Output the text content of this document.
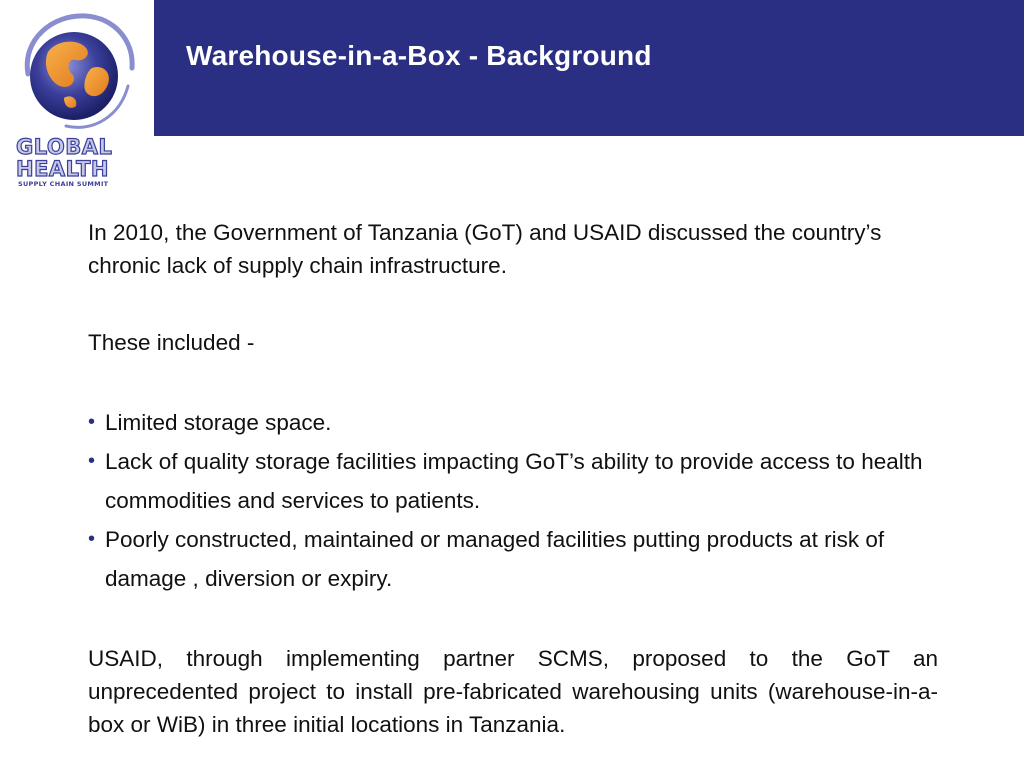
Warehouse-in-a-Box - Background
GLOBAL
HEALTH
SUPPLY CHAIN SUMMIT

In 2010, the Government of Tanzania (GoT) and USAID discussed the country’s chronic lack of supply chain infrastructure.

These included -

• Limited storage space.
• Lack of quality storage facilities impacting GoT’s ability to provide access to health commodities and services to patients.
• Poorly constructed, maintained or managed facilities putting products at risk of damage , diversion or expiry.

USAID, through implementing partner SCMS, proposed to the GoT an unprecedented project to install pre-fabricated warehousing units (warehouse-in-a-box or WiB) in three initial locations in Tanzania.
